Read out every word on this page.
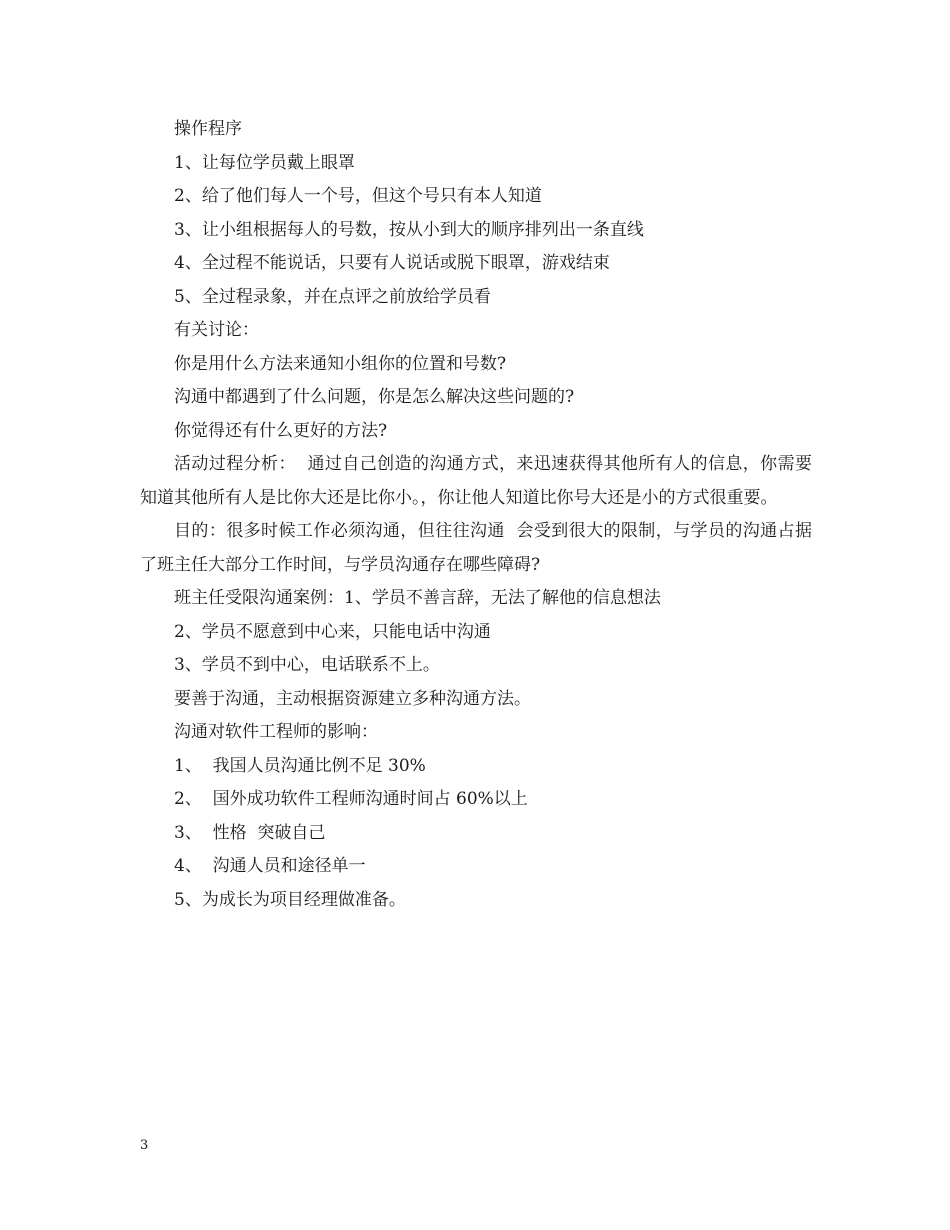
操作程序

1、让每位学员戴上眼罩

2、给了他们每人一个号，但这个号只有本人知道

3、让小组根据每人的号数，按从小到大的顺序排列出一条直线

4、全过程不能说话，只要有人说话或脱下眼罩，游戏结束

5、全过程录象，并在点评之前放给学员看

有关讨论：

你是用什么方法来通知小组你的位置和号数?

沟通中都遇到了什么问题，你是怎么解决这些问题的?

你觉得还有什么更好的方法?

活动过程分析：  通过自己创造的沟通方式，来迅速获得其他所有人的信息，你需要知道其他所有人是比你大还是比你小。，你让他人知道比你号大还是小的方式很重要。

目的：很多时候工作必须沟通，但往往沟通  会受到很大的限制，与学员的沟通占据了班主任大部分工作时间，与学员沟通存在哪些障碍?

班主任受限沟通案例：1、学员不善言辞，无法了解他的信息想法

2、学员不愿意到中心来，只能电话中沟通

3、学员不到中心，电话联系不上。

要善于沟通，主动根据资源建立多种沟通方法。

沟通对软件工程师的影响：

1、  我国人员沟通比例不足 30%

2、  国外成功软件工程师沟通时间占 60%以上

3、  性格  突破自己

4、  沟通人员和途径单一

5、为成长为项目经理做准备。

3
